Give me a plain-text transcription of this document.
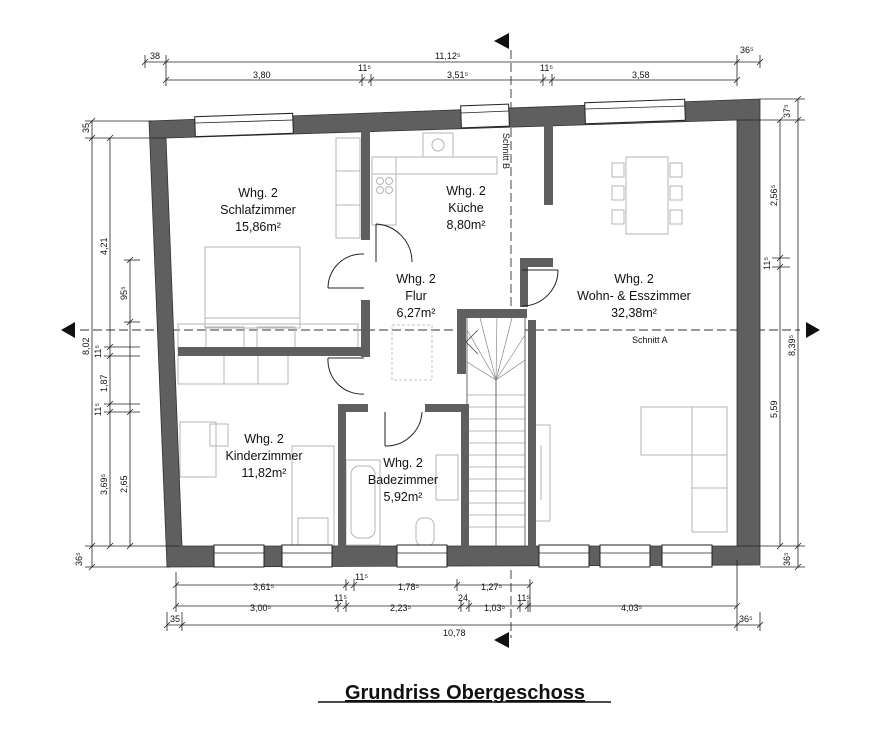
38	11,12⁵
36⁵
3,80
11⁵
3,51⁵
11⁵
3,58
Schnitt A
Schnitt B
Whg. 2
Schlafzimmer
15,86m²
Whg. 2
Küche
8,80m²
Whg. 2
Flur
6,27m²
Whg. 2
Wohn- & Esszimmer
32,38m²
Whg. 2
Kinderzimmer
11,82m²
Whg. 2
Badezimmer
5,92m²
35
8,02
36⁵
4,21
11⁵
1,87
11⁵
3,69⁵
95⁵
2,65
37⁵
8,39⁵
36⁵
2,56⁵
11⁵
5,59
3,61⁵
11⁵
1,78⁵	1,27⁵
3,00⁵
11⁵
2,23⁵
24
1,03⁵
11⁵
4,03⁵
35
10,78
36⁵
Grundriss Obergeschoss
